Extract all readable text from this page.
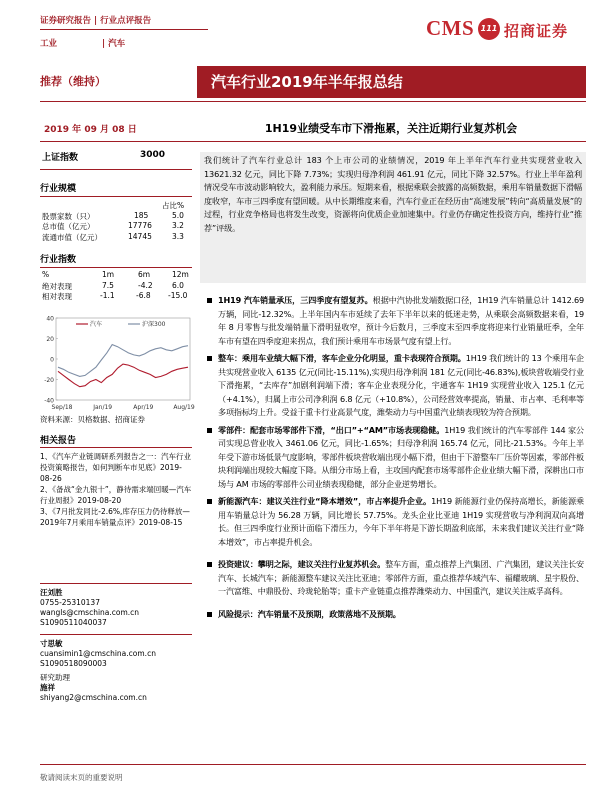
证券研究报告 | 行业点评报告
工业	| 汽车
CMS 111 招商证券
推荐（维持）	汽车行业2019年半年报总结
2019 年 09 月 08 日	1H19业绩受车市下滑拖累，关注近期行业复苏机会
上证指数	3000
行业规模
占比%
股票家数（只）	185	5.0
总市值（亿元）	17776	3.2
流通市值（亿元）	14745	3.3
行业指数
%	1m	6m	12m
绝对表现	7.5	-4.2	6.0
相对表现	-1.1	-6.8 -15.0
40
20
0
-20
-40
Sep/18	Jan/19	Apr/19	Aug/19
汽车	沪深300
资料来源：贝格数据、招商证券
相关报告
1、《汽车产业链调研系列报告之一：汽车行业投资策略报告，如何判断车市见底》2019-08-26
2、《备战“金九银十”，静待需求端回暖—汽车行业周报》2019-08-20
3、《7月批发同比-2.6%,库存压力仍待释放—2019年7月乘用车销量点评》2019-08-15
汪刘胜
0755-25310137
wangls@cmschina.com.cn
S1090511040037
寸思敏
cuansimin1@cmschina.com.cn
S1090518090003
研究助理
施祥
shiyang2@cmschina.com.cn
我们统计了汽车行业总计 183 个上市公司的业绩情况，2019 年上半年汽车行业共实现营业收入 13621.32 亿元，同比下降 7.73%；实现归母净利润 461.91 亿元，同比下降 32.57%。行业上半年盈利情况受车市波动影响较大，盈利能力承压。短期来看，根据乘联会披露的高频数据，乘用车销量数据下滑幅度收窄，车市三四季度有望回暖。从中长期维度来看，汽车行业正在经历由“高速发展”转向“高质量发展”的过程，行业竞争格局也将发生改变，资源将向优质企业加速集中。行业仍存确定性投资方向，维持行业“推荐”评级。
1H19 汽车销量承压，三四季度有望复苏。根据中汽协批发端数据口径，1H19 汽车销量总计 1412.69 万辆，同比-12.32%。上半年国内车市延续了去年下半年以来的低迷走势，从乘联会高频数据来看，19 年 8 月零售与批发端销量下滑明显收窄，预计今后数月，三季度末至四季度将迎来行业销量旺季，全年车市有望在四季度迎来拐点，我们预计乘用车市场景气度有望上行。
整车：乘用车业绩大幅下滑，客车企业分化明显，重卡表现符合预期。1H19 我们统计的 13 个乘用车企共实现营业收入 6135 亿元(同比-15.11%),实现归母净利润 181 亿元(同比-46.83%),板块营收端受行业下滑拖累，“去库存”加剧利润端下滑；客车企业表现分化，宇通客车 1H19 实现营业收入 125.1 亿元（+4.1%），归属上市公司净利润 6.8 亿元（+10.8%），公司经营效率提高，销量、市占率、毛利率等多项指标均上升。受益于重卡行业高景气度，潍柴动力与中国重汽业绩表现较为符合预期。
零部件：配套市场零部件下滑，“出口”+“AM”市场表现稳健。1H19 我们统计的汽车零部件 144 家公司实现总营业收入 3461.06 亿元，同比-1.65%；归母净利润 165.74 亿元，同比-21.53%。今年上半年受下游市场低景气度影响，零部件板块营收端出现小幅下滑，但由于下游整车厂压价等因素，零部件板块利润端出现较大幅度下降。从细分市场上看，主攻国内配套市场零部件企业业绩大幅下滑，深耕出口市场与 AM 市场的零部件公司业绩表现稳健，部分企业逆势增长。
新能源汽车：建议关注行业“降本增效”，市占率提升企业。1H19 新能源行业仍保持高增长，新能源乘用车销量总计为 56.28 万辆，同比增长 57.75%。龙头企业比亚迪 1H19 实现营收与净利润双向高增长。但三四季度行业预计面临下滑压力，今年下半年将是下游长期盈利底部，未来我们建议关注行业“降本增效”，市占率提升机会。
投资建议：攀明之际，建议关注行业复苏机会。整车方面，重点推荐上汽集团、广汽集团，建议关注长安汽车、长城汽车；新能源整车建议关注比亚迪；零部件方面，重点推荐华域汽车、福耀玻璃、星宇股份、一汽富维、中鼎股份、玲珑轮胎等；重卡产业链重点推荐潍柴动力、中国重汽，建议关注威孚高科。
风险提示：汽车销量不及预期，政策落地不及预期。
敬请阅读末页的重要说明
